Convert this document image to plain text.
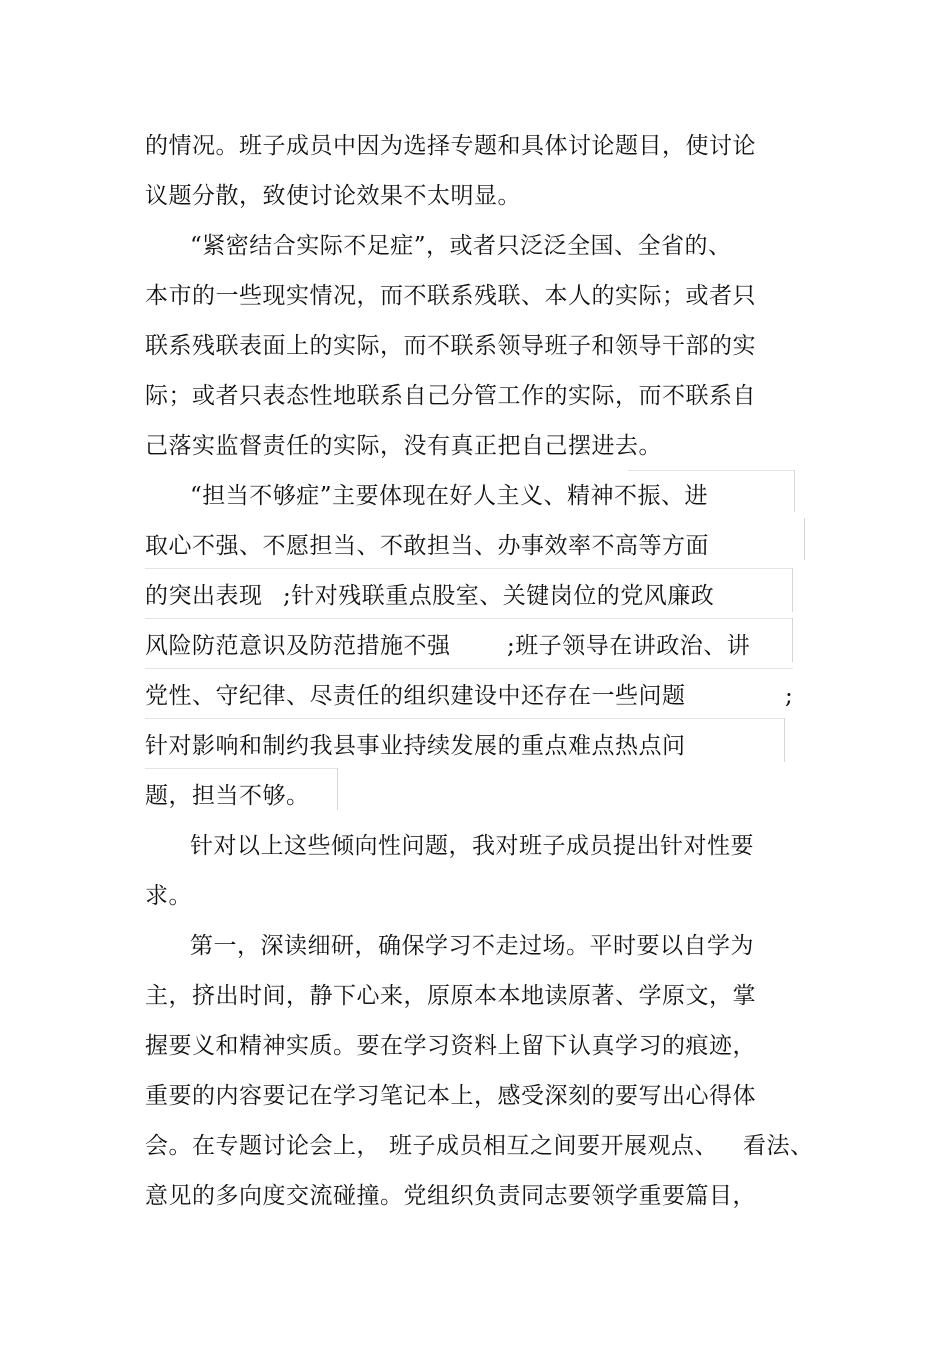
的情况。班子成员中因为选择专题和具体讨论题目，使讨论
议题分散，致使讨论效果不太明显。
“紧密结合实际不足症”，或者只泛泛全国、全省的、
本市的一些现实情况，而不联系残联、本人的实际；或者只
联系残联表面上的实际，而不联系领导班子和领导干部的实
际；或者只表态性地联系自己分管工作的实际，而不联系自
己落实监督责任的实际，没有真正把自己摆进去。
“担当不够症”主要体现在好人主义、精神不振、进
取心不强、不愿担当、不敢担当、办事效率不高等方面
的突出表现 ;针对残联重点股室、关键岗位的党风廉政
风险防范意识及防范措施不强 ;班子领导在讲政治、讲
党性、守纪律、尽责任的组织建设中还存在一些问题	;
针对影响和制约我县事业持续发展的重点难点热点问
题，担当不够。
针对以上这些倾向性问题，我对班子成员提出针对性要
求。
第一，深读细研，确保学习不走过场。平时要以自学为
主，挤出时间，静下心来，原原本本地读原著、学原文，掌
握要义和精神实质。要在学习资料上留下认真学习的痕迹，
重要的内容要记在学习笔记本上，感受深刻的要写出心得体
会。在专题讨论会上， 班子成员相互之间要开展观点、 看法、
意见的多向度交流碰撞。党组织负责同志要领学重要篇目，
